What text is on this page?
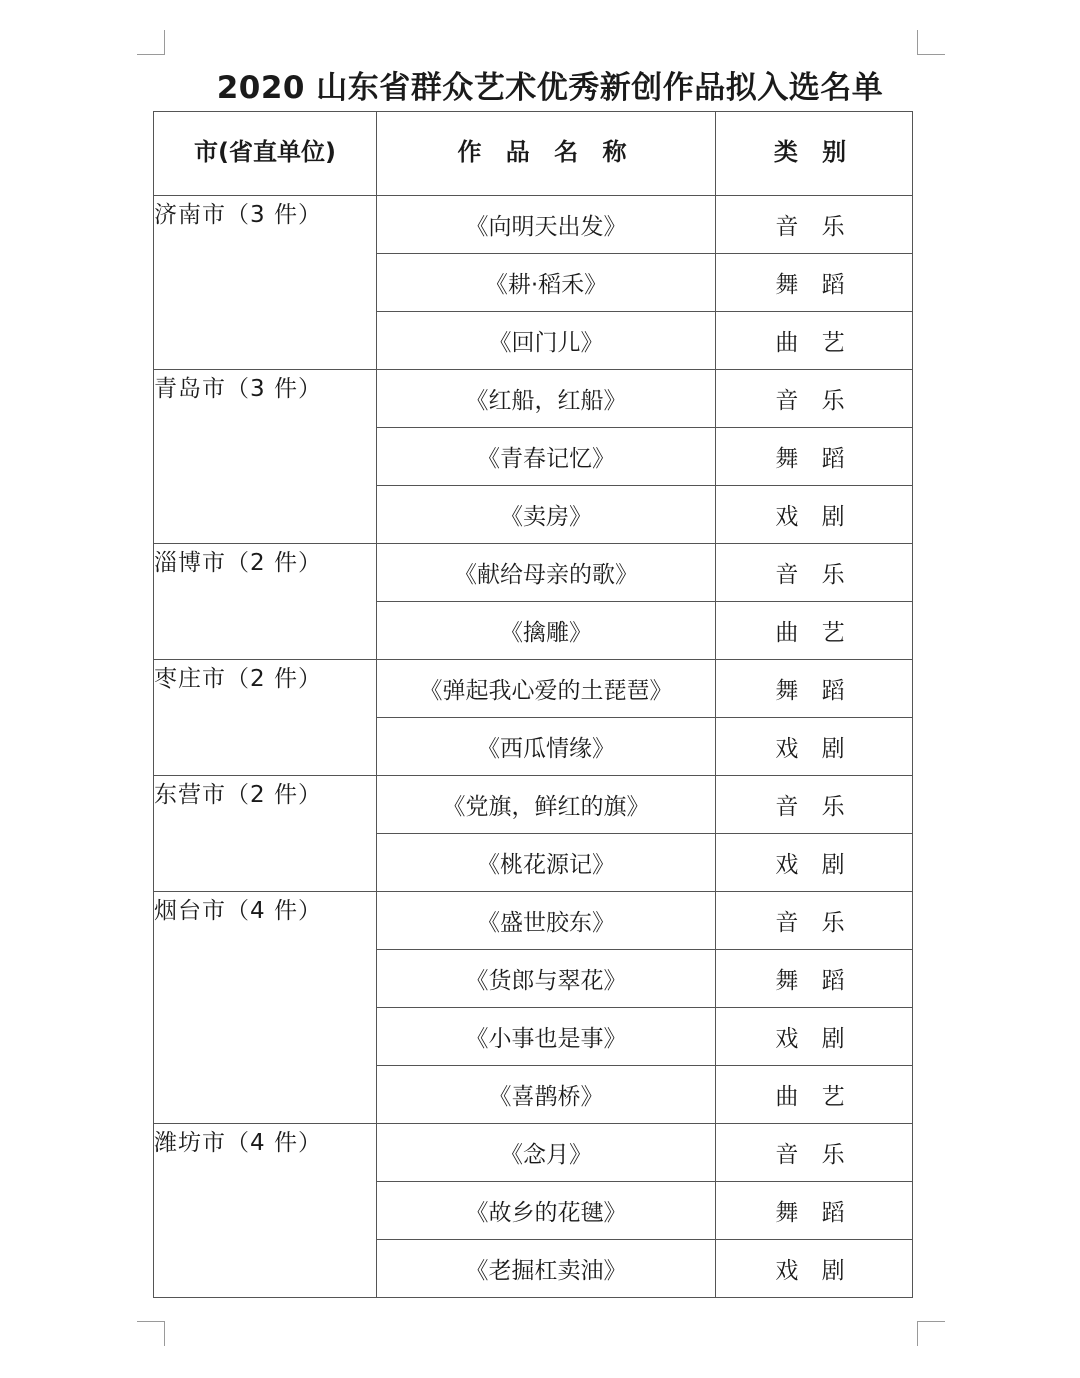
2020 山东省群众艺术优秀新创作品拟入选名单
市(省直单位)	作 品 名 称	类 别
济南市（3 件）	《向明天出发》	音 乐
	《耕·稻禾》	舞 蹈
	《回门儿》	曲 艺
青岛市（3 件）	《红船，红船》	音 乐
	《青春记忆》	舞 蹈
	《卖房》	戏 剧
淄博市（2 件）	《献给母亲的歌》	音 乐
	《擒雕》	曲 艺
枣庄市（2 件）	《弹起我心爱的土琵琶》	舞 蹈
	《西瓜情缘》	戏 剧
东营市（2 件）	《党旗，鲜红的旗》	音 乐
	《桃花源记》	戏 剧
烟台市（4 件）	《盛世胶东》	音 乐
	《货郎与翠花》	舞 蹈
	《小事也是事》	戏 剧
	《喜鹊桥》	曲 艺
潍坊市（4 件）	《念月》	音 乐
	《故乡的花毽》	舞 蹈
	《老掘杠卖油》	戏 剧
